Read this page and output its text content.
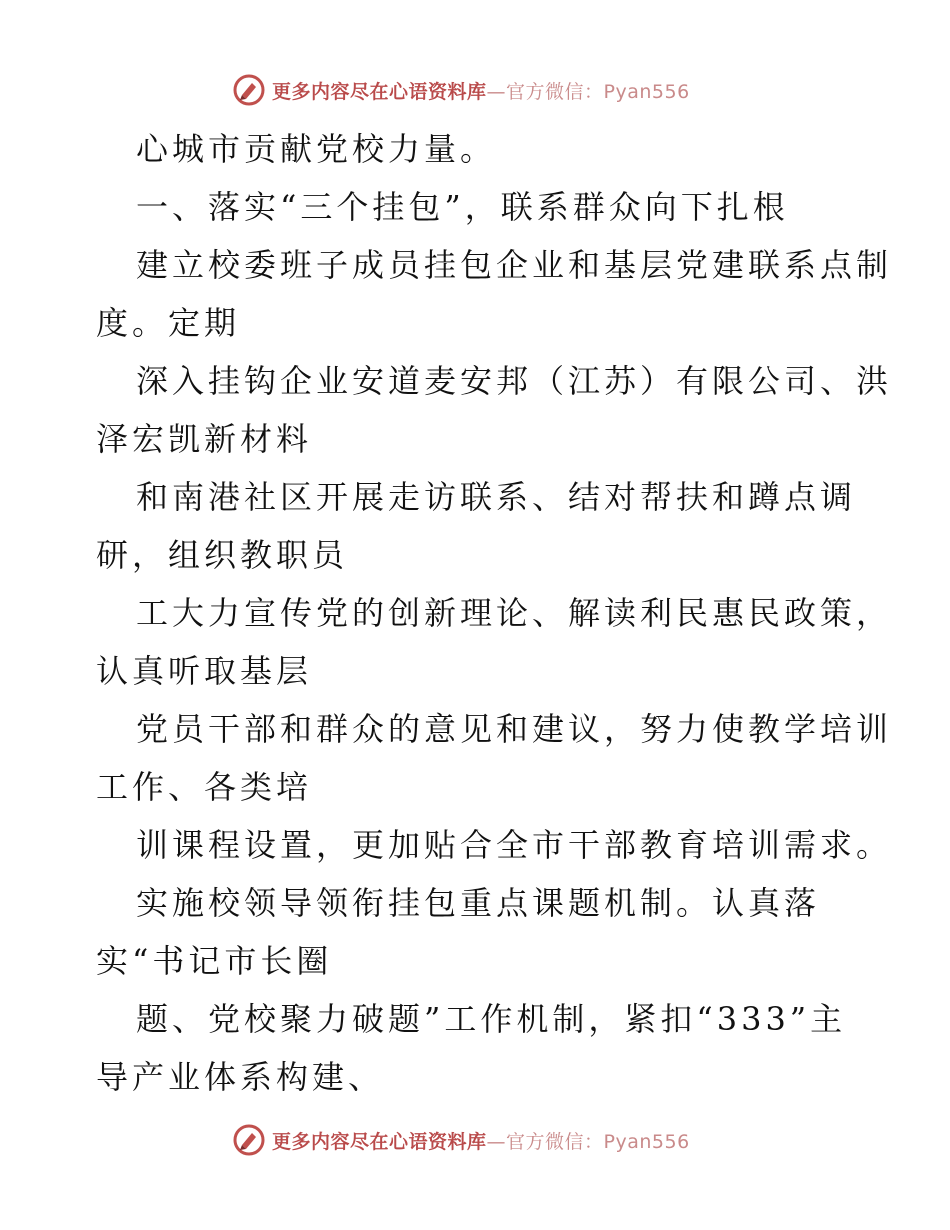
更多内容尽在心语资料库—官方微信：Pyan556
心城市贡献党校力量。
一、落实“三个挂包”，联系群众向下扎根
建立校委班子成员挂包企业和基层党建联系点制
度。定期
深入挂钩企业安道麦安邦（江苏）有限公司、洪
泽宏凯新材料
和南港社区开展走访联系、结对帮扶和蹲点调
研，组织教职员
工大力宣传党的创新理论、解读利民惠民政策，
认真听取基层
党员干部和群众的意见和建议，努力使教学培训
工作、各类培
训课程设置，更加贴合全市干部教育培训需求。
实施校领导领衔挂包重点课题机制。认真落
实“书记市长圈
题、党校聚力破题”工作机制，紧扣“333”主
导产业体系构建、
更多内容尽在心语资料库—官方微信：Pyan556
